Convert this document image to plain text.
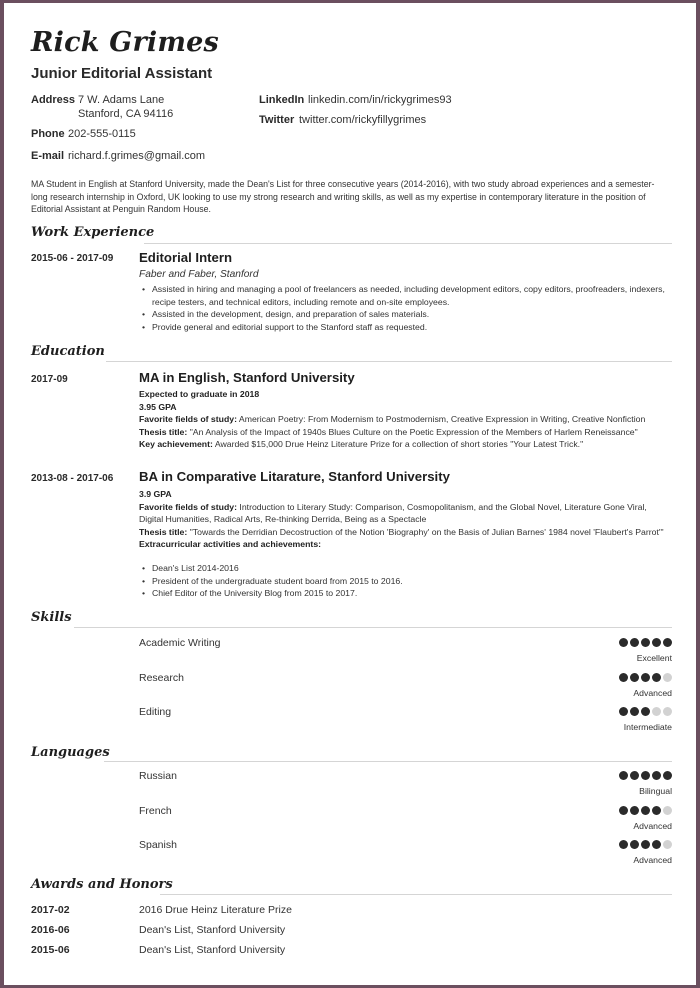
Rick Grimes
Junior Editorial Assistant
Address 7 W. Adams Lane
Stanford, CA 94116
Phone 202-555-0115
E-mail richard.f.grimes@gmail.com
LinkedIn linkedin.com/in/rickygrimes93
Twitter twitter.com/rickyfillygrimes
MA Student in English at Stanford University, made the Dean's List for three consecutive years (2014-2016), with two study abroad experiences and a semester-long research internship in Oxford, UK looking to use my strong research and writing skills, as well as my expertise in contemporary literature in the position of Editorial Assistant at Penguin Random House.
Work Experience
2015-06 - 2017-09 Editorial Intern
Faber and Faber, Stanford
• Assisted in hiring and managing a pool of freelancers as needed, including development editors, copy editors, proofreaders, indexers, recipe testers, and technical editors, including remote and on-site employees.
• Assisted in the development, design, and preparation of sales materials.
• Provide general and editorial support to the Stanford staff as requested.
Education
2017-09	MA in English, Stanford University
Expected to graduate in 2018
3.95 GPA
Favorite fields of study: American Poetry: From Modernism to Postmodernism, Creative Expression in Writing, Creative Nonfiction
Thesis title: "An Analysis of the Impact of 1940s Blues Culture on the Poetic Expression of the Members of Harlem Reneissance"
Key achievement: Awarded $15,000 Drue Heinz Literature Prize for a collection of short stories "Your Latest Trick."
2013-08 - 2017-06 BA in Comparative Litarature, Stanford University
3.9 GPA
Favorite fields of study: Introduction to Literary Study: Comparison, Cosmopolitanism, and the Global Novel, Literature Gone Viral, Digital Humanities, Radical Arts, Re-thinking Derrida, Being as a Spectacle
Thesis title: "Towards the Derridian Decostruction of the Notion 'Biography' on the Basis of Julian Barnes' 1984 novel 'Flaubert's Parrot'"
Extracurricular activities and achievements:
• Dean's List 2014-2016
• President of the undergraduate student board from 2015 to 2016.
• Chief Editor of the University Blog from 2015 to 2017.
Skills
Academic Writing
Excellent
Research
Advanced
Editing
Intermediate
Languages
Russian
Bilingual
French
Advanced
Spanish
Advanced
Awards and Honors
2017-02	2016 Drue Heinz Literature Prize
2016-06	Dean's List, Stanford University
2015-06	Dean's List, Stanford University
